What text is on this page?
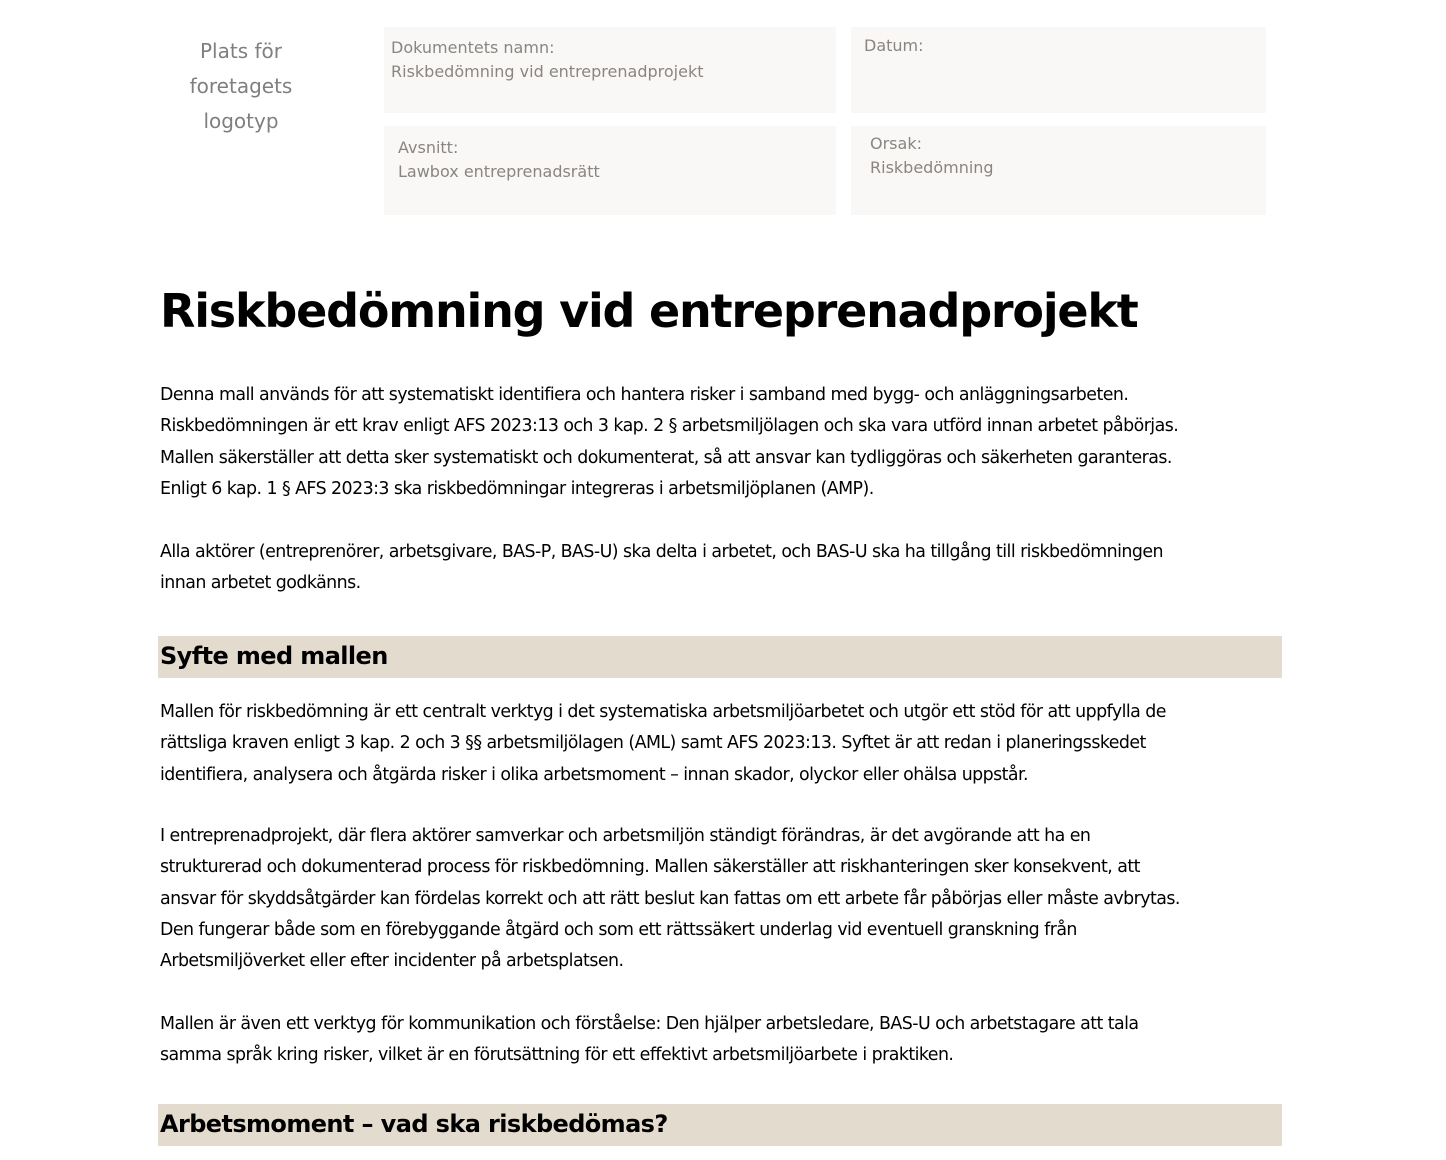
Plats för
foretagets
logotyp
Dokumentets namn:
Riskbedömning vid entreprenadprojekt
Datum:
Avsnitt:
Lawbox entreprenadsrätt
Orsak:
Riskbedömning
Riskbedömning vid entreprenadprojekt

Denna mall används för att systematiskt identifiera och hantera risker i samband med bygg- och anläggningsarbeten.
Riskbedömningen är ett krav enligt AFS 2023:13 och 3 kap. 2 § arbetsmiljölagen och ska vara utförd innan arbetet påbörjas.
Mallen säkerställer att detta sker systematiskt och dokumenterat, så att ansvar kan tydliggöras och säkerheten garanteras.
Enligt 6 kap. 1 § AFS 2023:3 ska riskbedömningar integreras i arbetsmiljöplanen (AMP).

Alla aktörer (entreprenörer, arbetsgivare, BAS-P, BAS-U) ska delta i arbetet, och BAS-U ska ha tillgång till riskbedömningen
innan arbetet godkänns.

Syfte med mallen

Mallen för riskbedömning är ett centralt verktyg i det systematiska arbetsmiljöarbetet och utgör ett stöd för att uppfylla de
rättsliga kraven enligt 3 kap. 2 och 3 §§ arbetsmiljölagen (AML) samt AFS 2023:13. Syftet är att redan i planeringsskedet
identifiera, analysera och åtgärda risker i olika arbetsmoment – innan skador, olyckor eller ohälsa uppstår.

I entreprenadprojekt, där flera aktörer samverkar och arbetsmiljön ständigt förändras, är det avgörande att ha en
strukturerad och dokumenterad process för riskbedömning. Mallen säkerställer att riskhanteringen sker konsekvent, att
ansvar för skyddsåtgärder kan fördelas korrekt och att rätt beslut kan fattas om ett arbete får påbörjas eller måste avbrytas.
Den fungerar både som en förebyggande åtgärd och som ett rättssäkert underlag vid eventuell granskning från
Arbetsmiljöverket eller efter incidenter på arbetsplatsen.

Mallen är även ett verktyg för kommunikation och förståelse: Den hjälper arbetsledare, BAS-U och arbetstagare att tala
samma språk kring risker, vilket är en förutsättning för ett effektivt arbetsmiljöarbete i praktiken.

Arbetsmoment – vad ska riskbedömas?
